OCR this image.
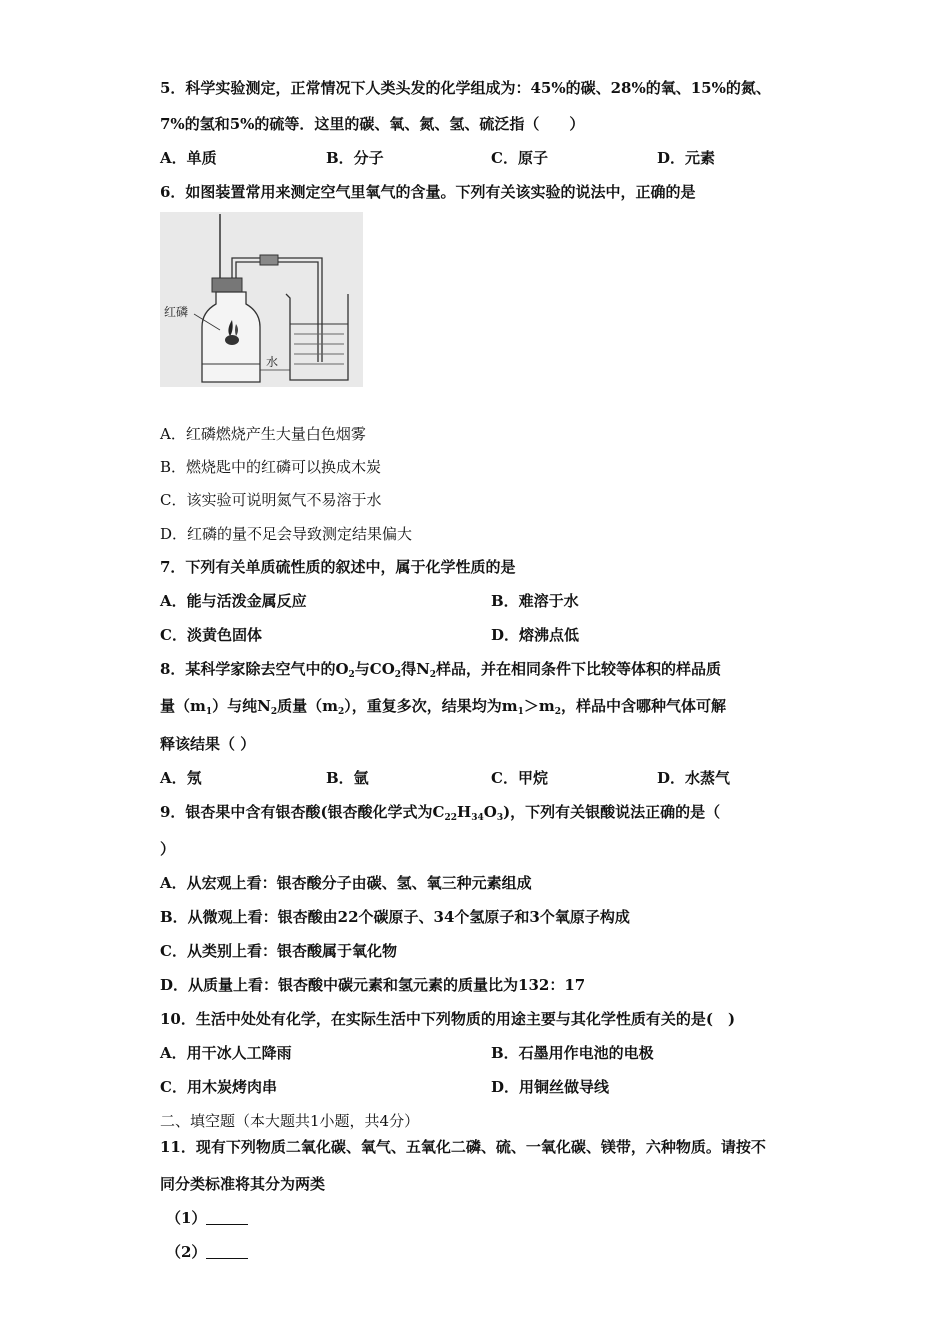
5．科学实验测定，正常情况下人类头发的化学组成为：45%的碳、28%的氧、15%的氮、
7%的氢和5%的硫等．这里的碳、氧、氮、氢、硫泛指（　　）
A．单质	B．分子	C．原子	D．元素
6．如图装置常用来测定空气里氧气的含量。下列有关该实验的说法中，正确的是
红磷
水
A．红磷燃烧产生大量白色烟雾
B．燃烧匙中的红磷可以换成木炭
C．该实验可说明氮气不易溶于水
D．红磷的量不足会导致测定结果偏大
7．下列有关单质硫性质的叙述中，属于化学性质的是
A．能与活泼金属反应	B．难溶于水
C．淡黄色固体	D．熔沸点低
8．某科学家除去空气中的$O_2$与$CO_2$得$N_2$样品，并在相同条件下比较等体积的样品质
量$(m_1)$与纯$N_2$质量$(m_2)$，重复多次，结果均为$m_1>m_2$，样品中含哪种气体可解
释该结果（ ）
A．氖	B．氩	C．甲烷	D．水蒸气
9．银杏果中含有银杏酸(银杏酸化学式为$C_{22}H_{34}O_3$)，下列有关银酸说法正确的是（
）
A．从宏观上看：银杏酸分子由碳、氢、氧三种元素组成
B．从微观上看：银杏酸由22个碳原子、34个氢原子和3个氧原子构成
C．从类别上看：银杏酸属于氧化物
D．从质量上看：银杏酸中碳元素和氢元素的质量比为132：17
10．生活中处处有化学，在实际生活中下列物质的用途主要与其化学性质有关的是(　)
A．用干冰人工降雨	B．石墨用作电池的电极
C．用木炭烤肉串	D．用铜丝做导线
二、填空题（本大题共1小题，共4分）
11．现有下列物质二氧化碳、氧气、五氧化二磷、硫、一氧化碳、镁带，六种物质。请按不
同分类标准将其分为两类
（1）
（2）
